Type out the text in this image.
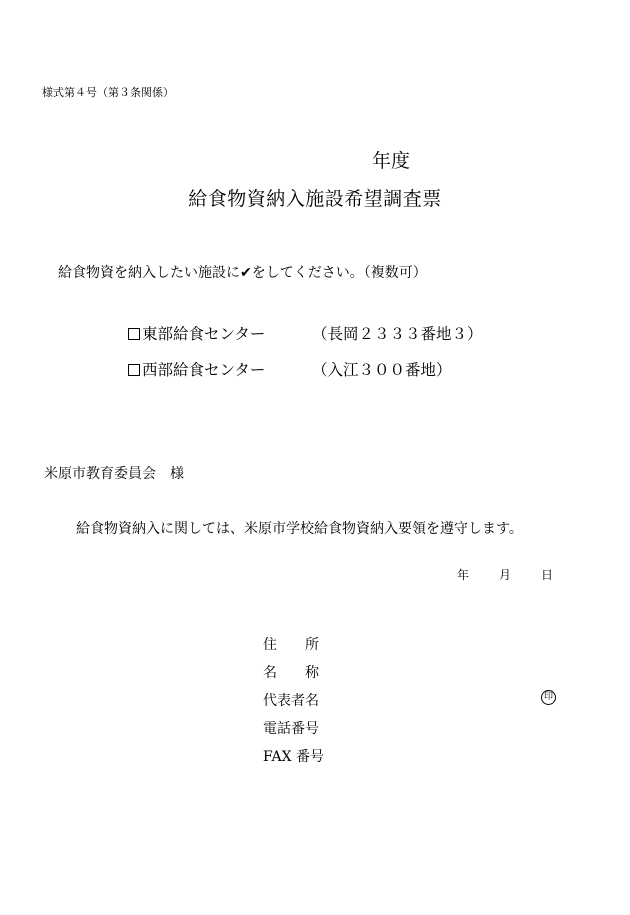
様式第４号（第３条関係）
年度
給食物資納入施設希望調査票
給食物資を納入したい施設に✔をしてください。（複数可）
東部給食センター	（長岡２３３３番地３）
西部給食センター	（入江３００番地）
米原市教育委員会　様
給食物資納入に関しては、米原市学校給食物資納入要領を遵守します。
年 月 日
住　　所
名　　称
代表者名
電話番号
FAX 番号
印
